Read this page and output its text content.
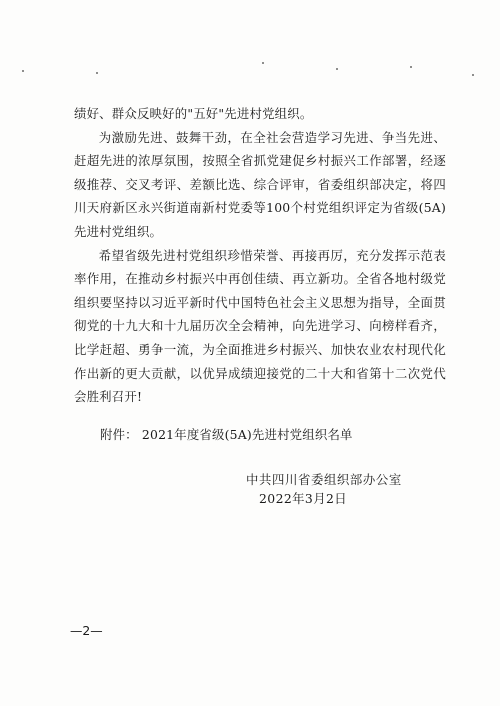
绩好、群众反映好的"五好"先进村党组织。

为激励先进、鼓舞干劲，在全社会营造学习先进、争当先进、赶超先进的浓厚氛围，按照全省抓党建促乡村振兴工作部署，经逐级推荐、交叉考评、差额比选、综合评审，省委组织部决定，将四川天府新区永兴街道南新村党委等100个村党组织评定为省级(5A)先进村党组织。

希望省级先进村党组织珍惜荣誉、再接再厉，充分发挥示范表率作用，在推动乡村振兴中再创佳绩、再立新功。全省各地村级党组织要坚持以习近平新时代中国特色社会主义思想为指导，全面贯彻党的十九大和十九届历次全会精神，向先进学习、向榜样看齐，比学赶超、勇争一流，为全面推进乡村振兴、加快农业农村现代化作出新的更大贡献，以优异成绩迎接党的二十大和省第十二次党代会胜利召开!

附件： 2021年度省级(5A)先进村党组织名单
中共四川省委组织部办公室
2022年3月2日
—2—
